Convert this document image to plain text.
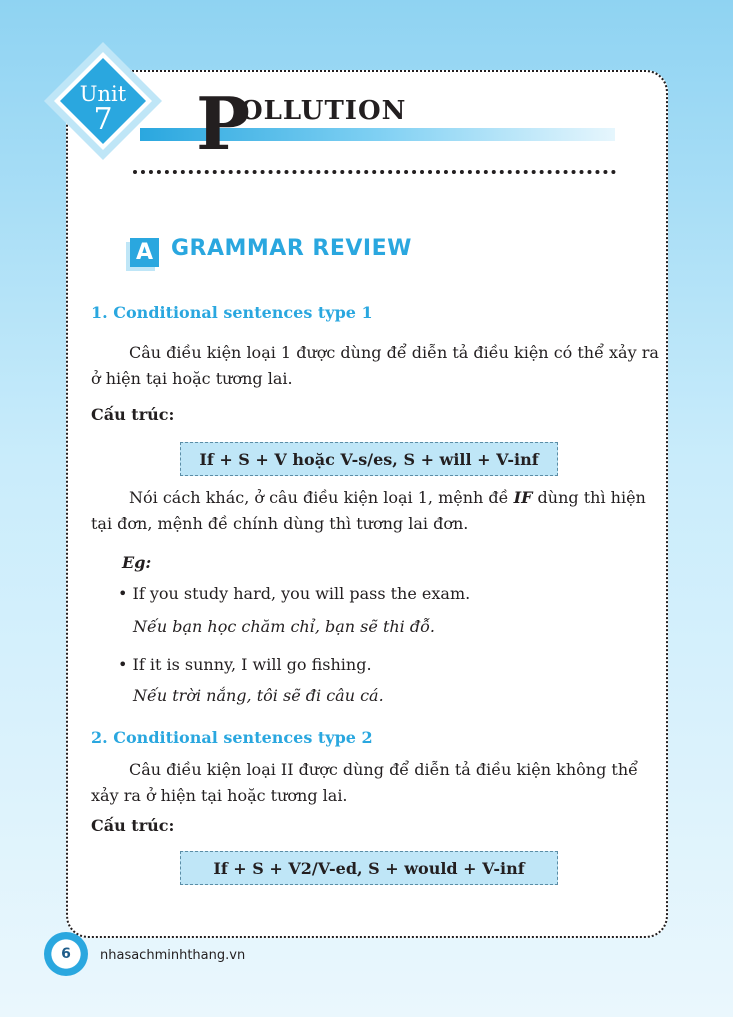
Unit
7	P
OLLUTION
A GRAMMAR REVIEW
1. Conditional sentences type 1
Câu điều kiện loại 1 được dùng để diễn tả điều kiện có thể xảy ra
ở hiện tại hoặc tương lai.
Cấu trúc:
If + S + V hoặc V-s/es, S + will + V-inf
Nói cách khác, ở câu điều kiện loại 1, mệnh đề IF dùng thì hiện
tại đơn, mệnh đề chính dùng thì tương lai đơn.
Eg:
• If you study hard, you will pass the exam.
Nếu bạn học chăm chỉ, bạn sẽ thi đỗ.
• If it is sunny, I will go fishing.
Nếu trời nắng, tôi sẽ đi câu cá.
2. Conditional sentences type 2
Câu điều kiện loại II được dùng để diễn tả điều kiện không thể
xảy ra ở hiện tại hoặc tương lai.
Cấu trúc:
If + S + V2/V-ed, S + would + V-inf
6	nhasachminhthang.vn
